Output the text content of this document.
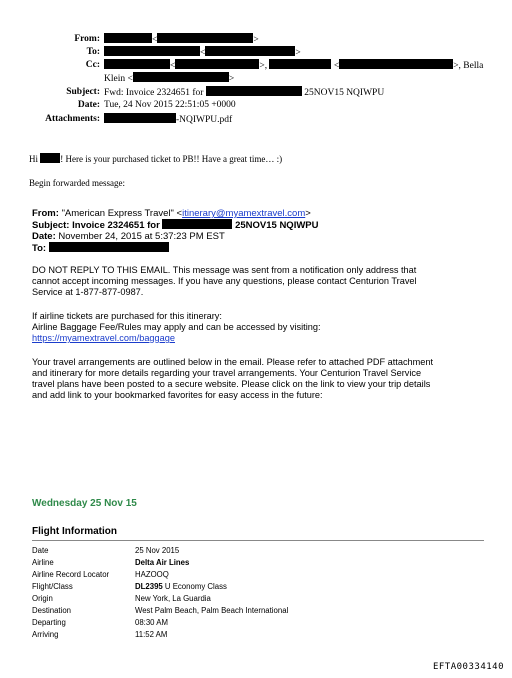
From:	<	>
To:	<	>
Cc:	<	>,	<	>, Bella
Klein <	>
Subject: Fwd: Invoice 2324651 for	25NOV15 NQIWPU
Date: Tue, 24 Nov 2015 22:51:05 +0000
Attachments:	-NQIWPU.pdf
Hi ! Here is your purchased ticket to PB!! Have a great time… :)
Begin forwarded message:
From: "American Express Travel" <itinerary@myamextravel.com>
Subject: Invoice 2324651 for	25NOV15 NQIWPU
Date: November 24, 2015 at 5:37:23 PM EST
To:
DO NOT REPLY TO THIS EMAIL. This message was sent from a notification only address that
cannot accept incoming messages. If you have any questions, please contact Centurion Travel
Service at 1-877-877-0987.
If airline tickets are purchased for this itinerary:
Airline Baggage Fee/Rules may apply and can be accessed by visiting:
https://myamextravel.com/baggage
Your travel arrangements are outlined below in the email. Please refer to attached PDF attachment
and itinerary for more details regarding your travel arrangements. Your Centurion Travel Service
travel plans have been posted to a secure website. Please click on the link to view your trip details
and add link to your bookmarked favorites for easy access in the future:
Wednesday 25 Nov 15
Flight Information
Date	25 Nov 2015
Airline	Delta Air Lines
Airline Record Locator	HAZOOQ
Flight/Class	DL2395 U Economy Class
Origin	New York, La Guardia
Destination	West Palm Beach, Palm Beach International
Departing	08:30 AM
Arriving	11:52 AM
EFTA00334140
